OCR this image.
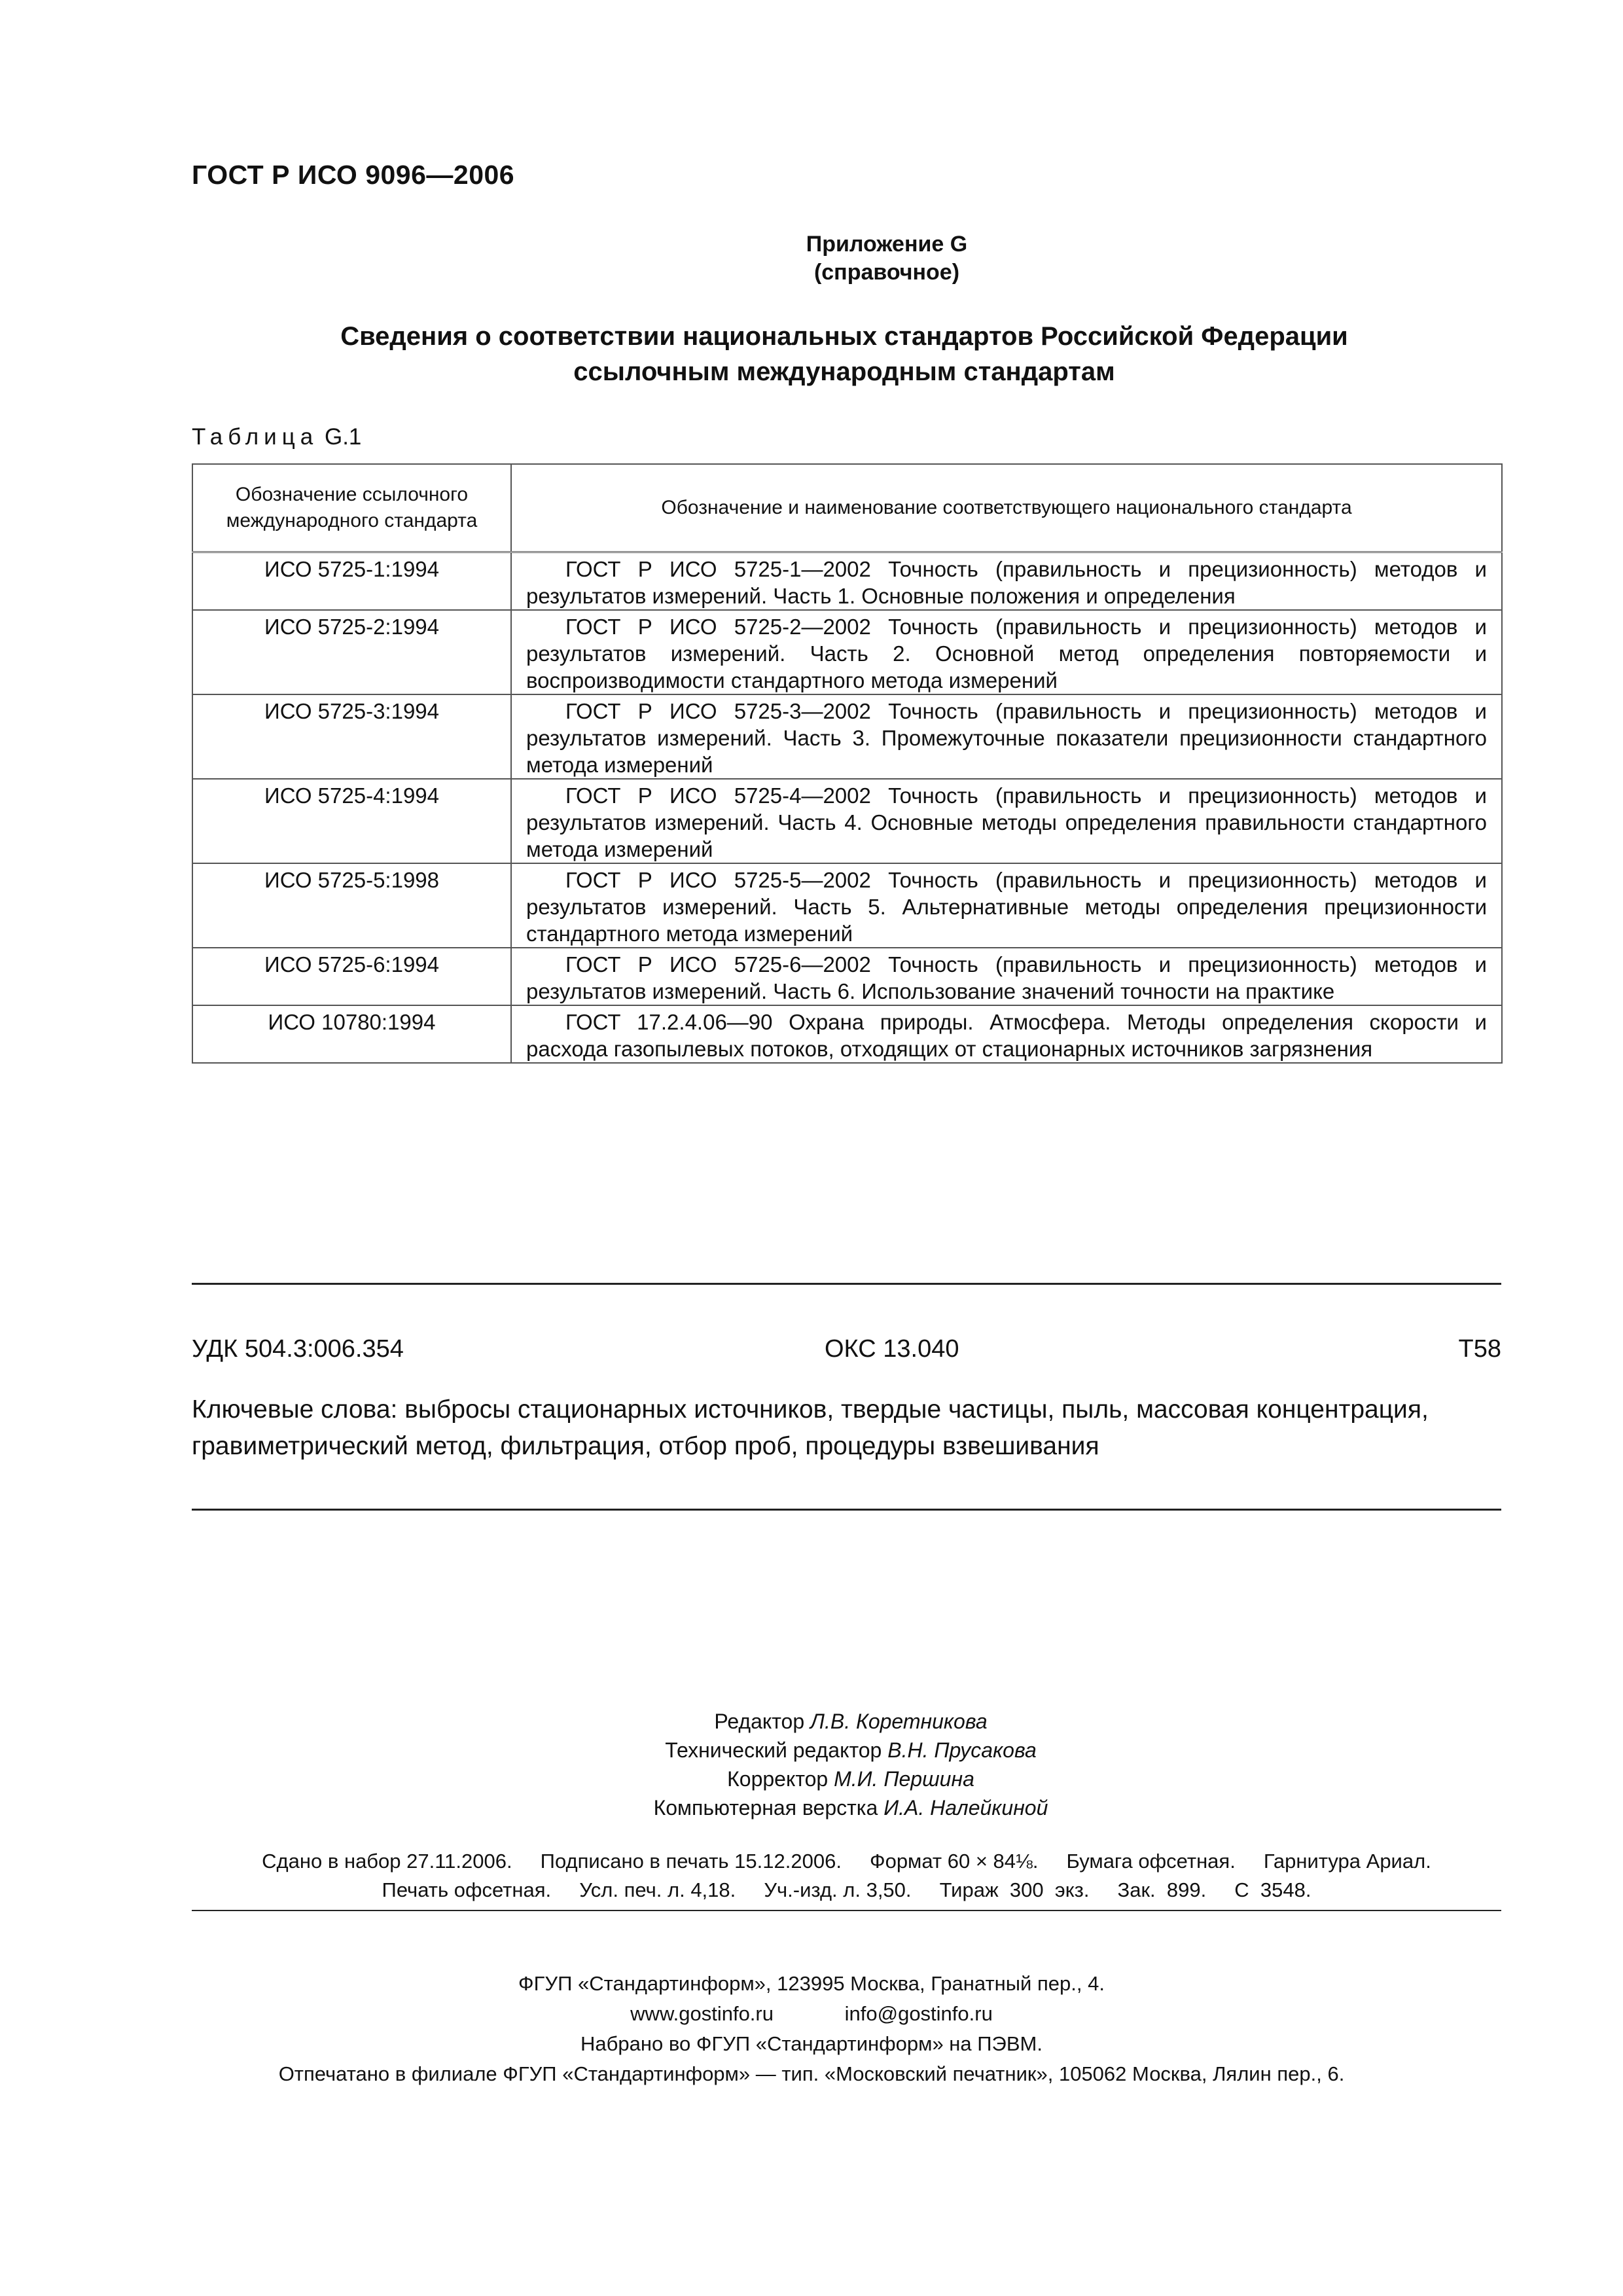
ГОСТ Р ИСО 9096—2006
Приложение G
(справочное)
Сведения о соответствии национальных стандартов Российской Федерации
ссылочным международным стандартам
Таблица G.1
Обозначение ссылочного международного стандарта	Обозначение и наименование соответствующего национального стандарта
ИСО 5725-1:1994	ГОСТ Р ИСО 5725-1—2002 Точность (правильность и прецизионность) методов и результатов измерений. Часть 1. Основные положения и определения
ИСО 5725-2:1994	ГОСТ Р ИСО 5725-2—2002 Точность (правильность и прецизионность) методов и результатов измерений. Часть 2. Основной метод определения повторяемости и воспроизводимости стандартного метода измерений
ИСО 5725-3:1994	ГОСТ Р ИСО 5725-3—2002 Точность (правильность и прецизионность) методов и результатов измерений. Часть 3. Промежуточные показатели прецизионности стандартного метода измерений
ИСО 5725-4:1994	ГОСТ Р ИСО 5725-4—2002 Точность (правильность и прецизионность) методов и результатов измерений. Часть 4. Основные методы определения правильности стандартного метода измерений
ИСО 5725-5:1998	ГОСТ Р ИСО 5725-5—2002 Точность (правильность и прецизионность) методов и результатов измерений. Часть 5. Альтернативные методы определения прецизионности стандартного метода измерений
ИСО 5725-6:1994	ГОСТ Р ИСО 5725-6—2002 Точность (правильность и прецизионность) методов и результатов измерений. Часть 6. Использование значений точности на практике
ИСО 10780:1994	ГОСТ 17.2.4.06—90 Охрана природы. Атмосфера. Методы определения скорости и расхода газопылевых потоков, отходящих от стационарных источников загрязнения
УДК 504.3:006.354	ОКС 13.040	Т58
Ключевые слова: выбросы стационарных источников, твердые частицы, пыль, массовая концентрация, гравиметрический метод, фильтрация, отбор проб, процедуры взвешивания
Редактор Л.В. Коретникова
Технический редактор В.Н. Прусакова
Корректор М.И. Першина
Компьютерная верстка И.А. Налейкиной
Сдано в набор 27.11.2006.     Подписано в печать 15.12.2006.     Формат 60 × 84⅛.     Бумага офсетная.     Гарнитура Ариал.
Печать офсетная.     Усл. печ. л. 4,18.     Уч.-изд. л. 3,50.     Тираж  300  экз.     Зак.  899.     С  3548.
ФГУП «Стандартинформ», 123995 Москва, Гранатный пер., 4.
www.gostinfo.ru	info@gostinfo.ru
Набрано во ФГУП «Стандартинформ» на ПЭВМ.
Отпечатано в филиале ФГУП «Стандартинформ» — тип. «Московский печатник», 105062 Москва, Лялин пер., 6.
